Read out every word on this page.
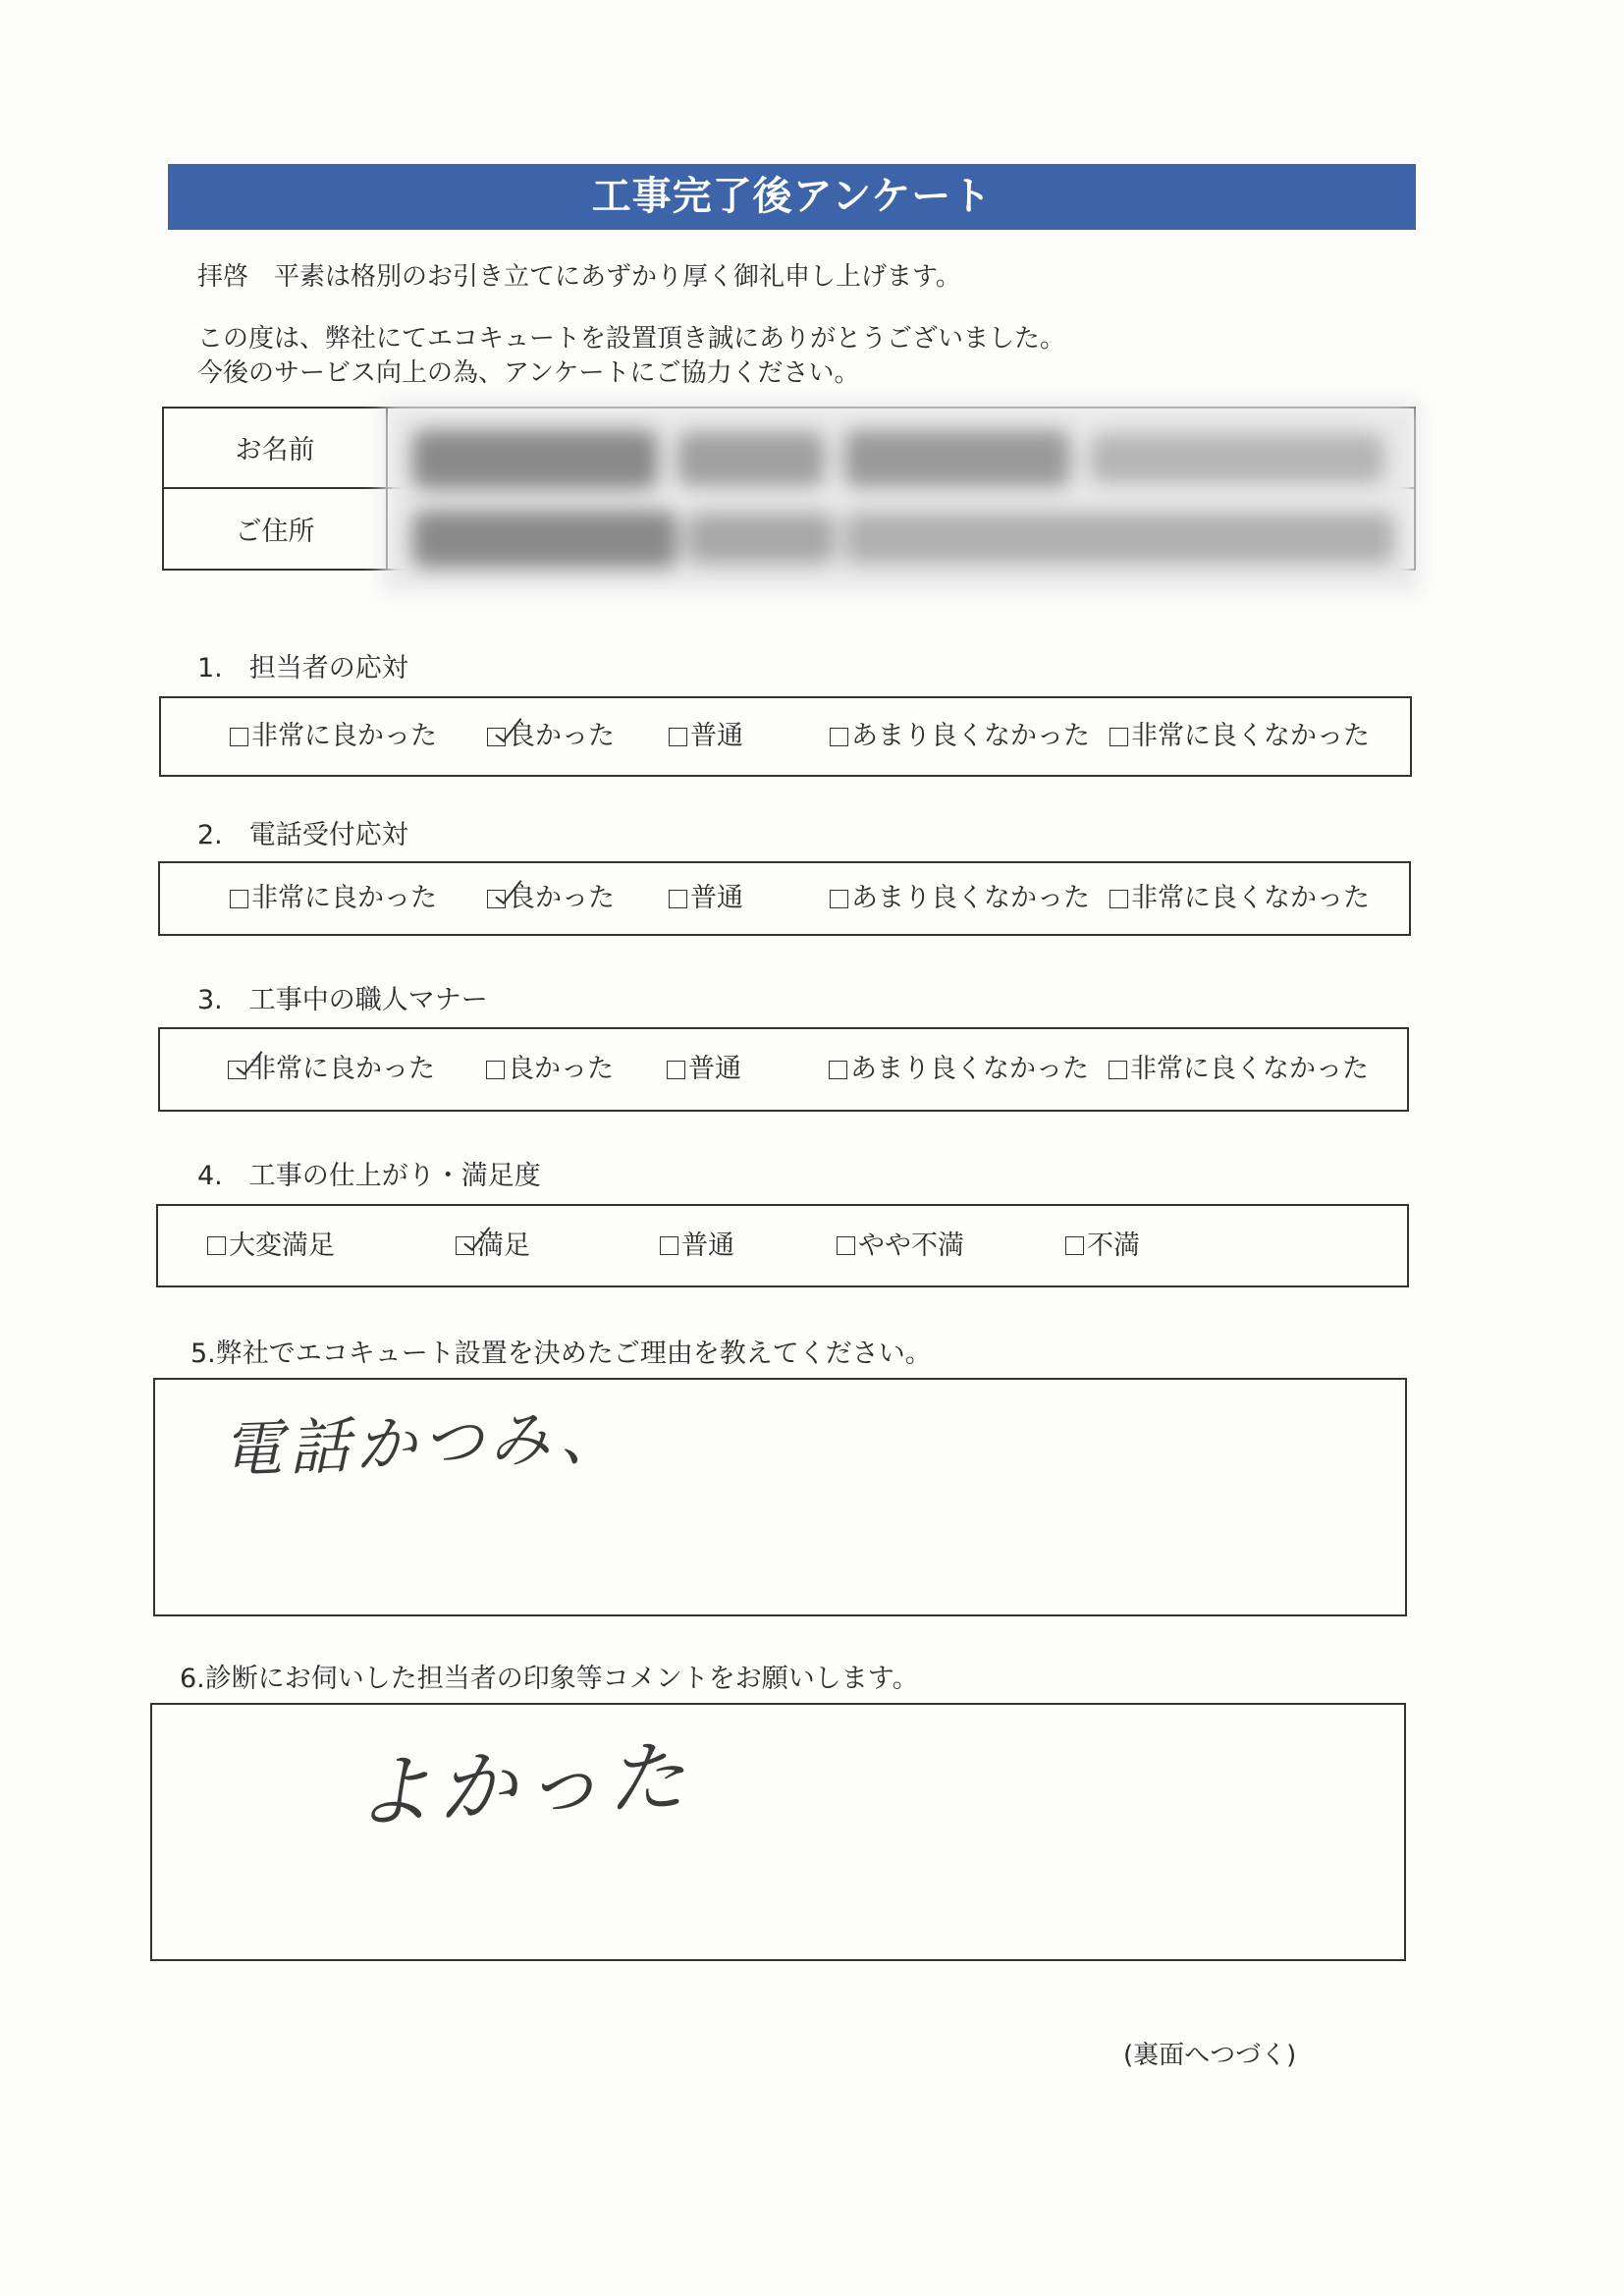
工事完了後アンケート
拝啓　平素は格別のお引き立てにあずかり厚く御礼申し上げます。
この度は、弊社にてエコキュートを設置頂き誠にありがとうございました。
今後のサービス向上の為、アンケートにご協力ください。
お名前
ご住所
1.　担当者の応対
非常に良かった	良かった	普通	あまり良くなかった 非常に良くなかった
2.　電話受付応対
非常に良かった	良かった	普通	あまり良くなかった 非常に良くなかった
3.　工事中の職人マナー
非常に良かった	良かった	普通	あまり良くなかった 非常に良くなかった
4.　工事の仕上がり・満足度
大変満足	満足	普通	やや不満	不満
5.弊社でエコキュート設置を決めたご理由を教えてください。
電話かつみ、
6.診断にお伺いした担当者の印象等コメントをお願いします。
よかった
(裏面へつづく)
